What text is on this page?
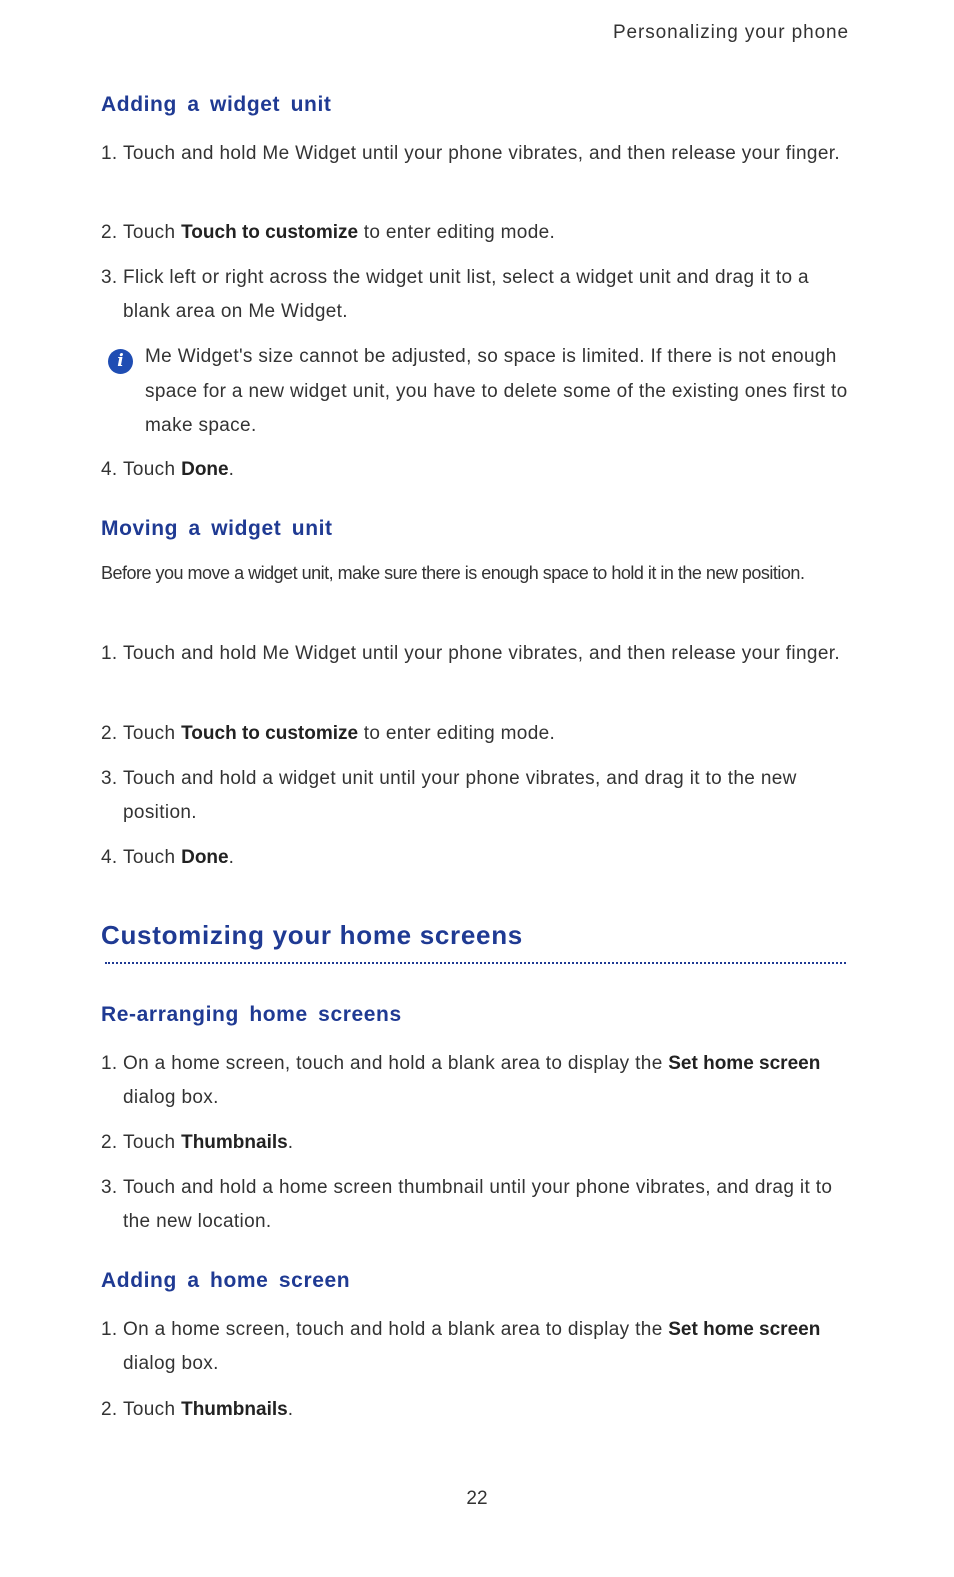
Personalizing your phone
Adding a widget unit
1. Touch and hold Me Widget until your phone vibrates, and then release your finger.
2. Touch Touch to customize to enter editing mode.
3. Flick left or right across the widget unit list, select a widget unit and drag it to a blank area on Me Widget.
i	Me Widget's size cannot be adjusted, so space is limited. If there is not enough space for a new widget unit, you have to delete some of the existing ones first to make space.
4. Touch Done.
Moving a widget unit
Before you move a widget unit, make sure there is enough space to hold it in the new position.
1. Touch and hold Me Widget until your phone vibrates, and then release your finger.
2. Touch Touch to customize to enter editing mode.
3. Touch and hold a widget unit until your phone vibrates, and drag it to the new position.
4. Touch Done.
Customizing your home screens
Re-arranging home screens
1. On a home screen, touch and hold a blank area to display the Set home screen dialog box.
2. Touch Thumbnails.
3. Touch and hold a home screen thumbnail until your phone vibrates, and drag it to the new location.
Adding a home screen
1. On a home screen, touch and hold a blank area to display the Set home screen dialog box.
2. Touch Thumbnails.
22
